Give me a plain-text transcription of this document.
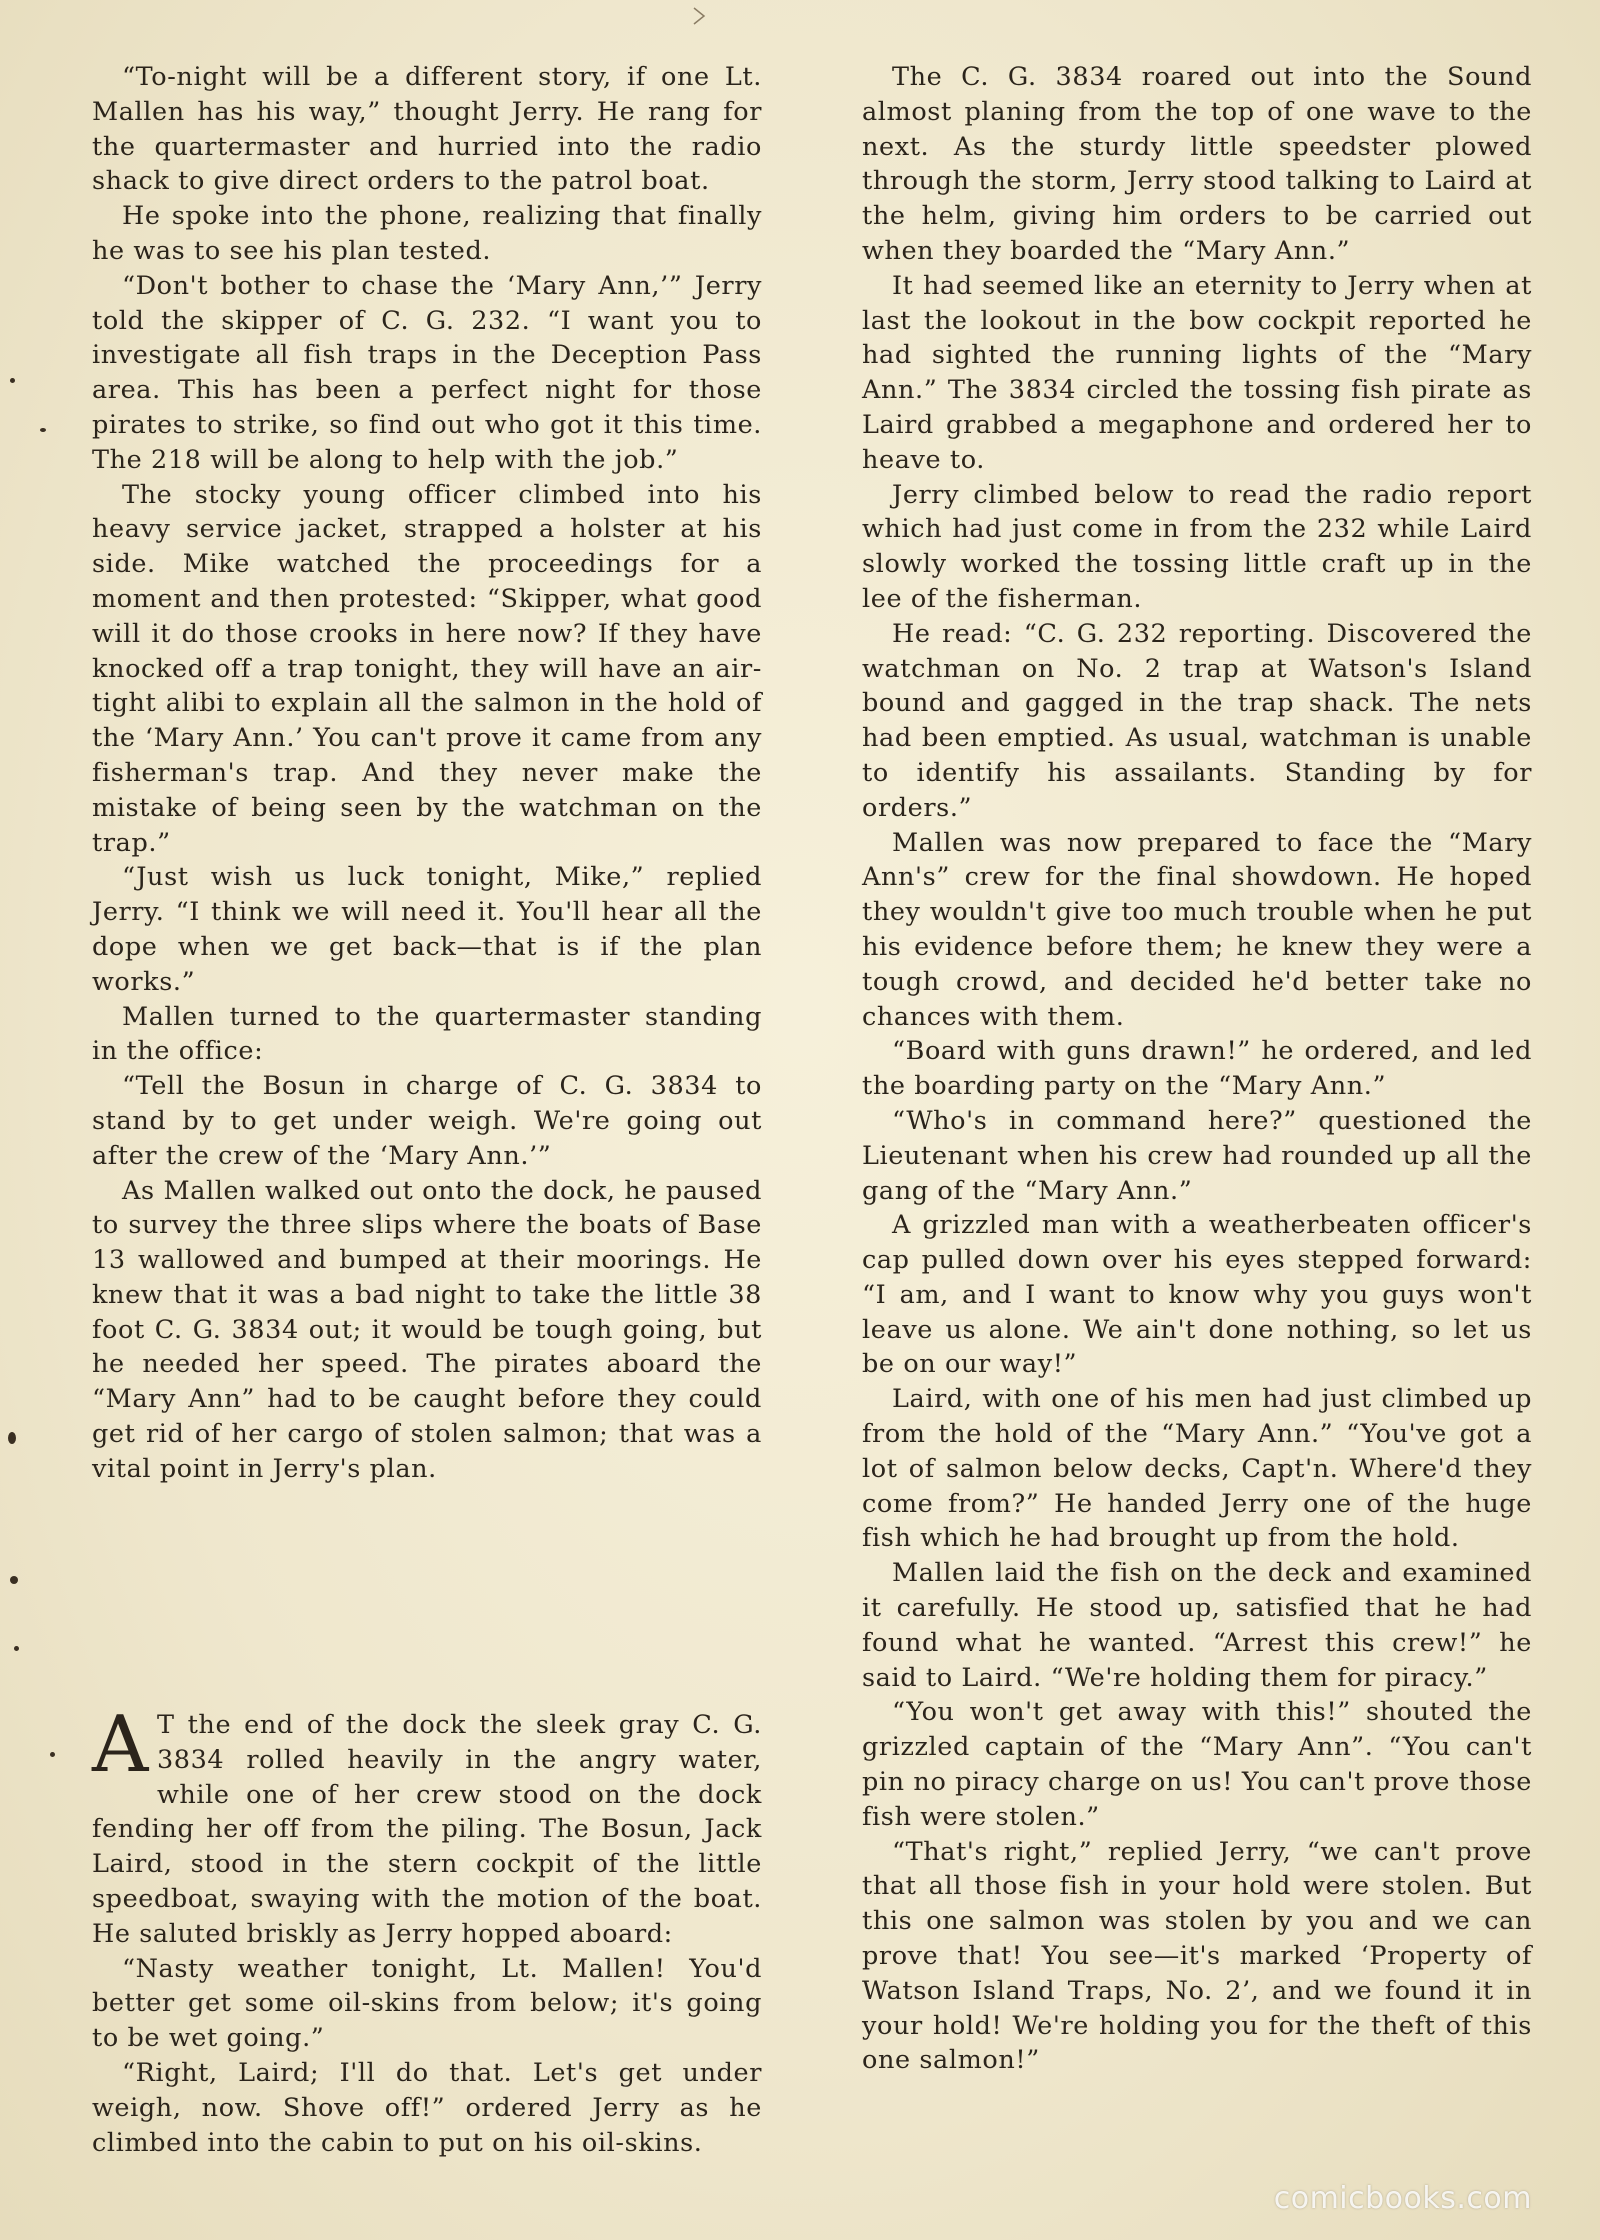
“To-night will be a different story, if one Lt. Mallen has his way,” thought Jerry. He rang for the quartermaster and hurried into the radio shack to give direct orders to the patrol boat.

He spoke into the phone, realizing that finally he was to see his plan tested.

“Don't bother to chase the ‘Mary Ann,’” Jerry told the skipper of C. G. 232. “I want you to investigate all fish traps in the Deception Pass area. This has been a perfect night for those pirates to strike, so find out who got it this time. The 218 will be along to help with the job.”

The stocky young officer climbed into his heavy service jacket, strapped a holster at his side. Mike watched the proceedings for a moment and then protested: “Skipper, what good will it do those crooks in here now? If they have knocked off a trap tonight, they will have an air-tight alibi to explain all the salmon in the hold of the ‘Mary Ann.’ You can't prove it came from any fisherman's trap. And they never make the mistake of being seen by the watchman on the trap.”

“Just wish us luck tonight, Mike,” replied Jerry. “I think we will need it. You'll hear all the dope when we get back—that is if the plan works.”

Mallen turned to the quartermaster standing in the office:

“Tell the Bosun in charge of C. G. 3834 to stand by to get under weigh. We're going out after the crew of the ‘Mary Ann.’”

As Mallen walked out onto the dock, he paused to survey the three slips where the boats of Base 13 wallowed and bumped at their moorings. He knew that it was a bad night to take the little 38 foot C. G. 3834 out; it would be tough going, but he needed her speed. The pirates aboard the “Mary Ann” had to be caught before they could get rid of her cargo of stolen salmon; that was a vital point in Jerry's plan.

A T the end of the dock the sleek gray C. G. 3834 rolled heavily in the angry water, while one of her crew stood on the dock fending her off from the piling. The Bosun, Jack Laird, stood in the stern cockpit of the little speedboat, swaying with the motion of the boat. He saluted briskly as Jerry hopped aboard:

“Nasty weather tonight, Lt. Mallen! You'd better get some oil-skins from below; it's going to be wet going.”

“Right, Laird; I'll do that. Let's get under weigh, now. Shove off!” ordered Jerry as he climbed into the cabin to put on his oil-skins.

The C. G. 3834 roared out into the Sound almost planing from the top of one wave to the next. As the sturdy little speedster plowed through the storm, Jerry stood talking to Laird at the helm, giving him orders to be carried out when they boarded the “Mary Ann.”

It had seemed like an eternity to Jerry when at last the lookout in the bow cockpit reported he had sighted the running lights of the “Mary Ann.” The 3834 circled the tossing fish pirate as Laird grabbed a megaphone and ordered her to heave to.

Jerry climbed below to read the radio report which had just come in from the 232 while Laird slowly worked the tossing little craft up in the lee of the fisherman.

He read: “C. G. 232 reporting. Discovered the watchman on No. 2 trap at Watson's Island bound and gagged in the trap shack. The nets had been emptied. As usual, watchman is unable to identify his assailants. Standing by for orders.”

Mallen was now prepared to face the “Mary Ann's” crew for the final showdown. He hoped they wouldn't give too much trouble when he put his evidence before them; he knew they were a tough crowd, and decided he'd better take no chances with them.

“Board with guns drawn!” he ordered, and led the boarding party on the “Mary Ann.”

“Who's in command here?” questioned the Lieutenant when his crew had rounded up all the gang of the “Mary Ann.”

A grizzled man with a weatherbeaten officer's cap pulled down over his eyes stepped forward: “I am, and I want to know why you guys won't leave us alone. We ain't done nothing, so let us be on our way!”

Laird, with one of his men had just climbed up from the hold of the “Mary Ann.” “You've got a lot of salmon below decks, Capt'n. Where'd they come from?” He handed Jerry one of the huge fish which he had brought up from the hold.

Mallen laid the fish on the deck and examined it carefully. He stood up, satisfied that he had found what he wanted. “Arrest this crew!” he said to Laird. “We're holding them for piracy.”

“You won't get away with this!” shouted the grizzled captain of the “Mary Ann”. “You can't pin no piracy charge on us! You can't prove those fish were stolen.”

“That's right,” replied Jerry, “we can't prove that all those fish in your hold were stolen. But this one salmon was stolen by you and we can prove that! You see—it's marked ‘Property of Watson Island Traps, No. 2’, and we found it in your hold! We're holding you for the theft of this one salmon!”

comicbooks.com
